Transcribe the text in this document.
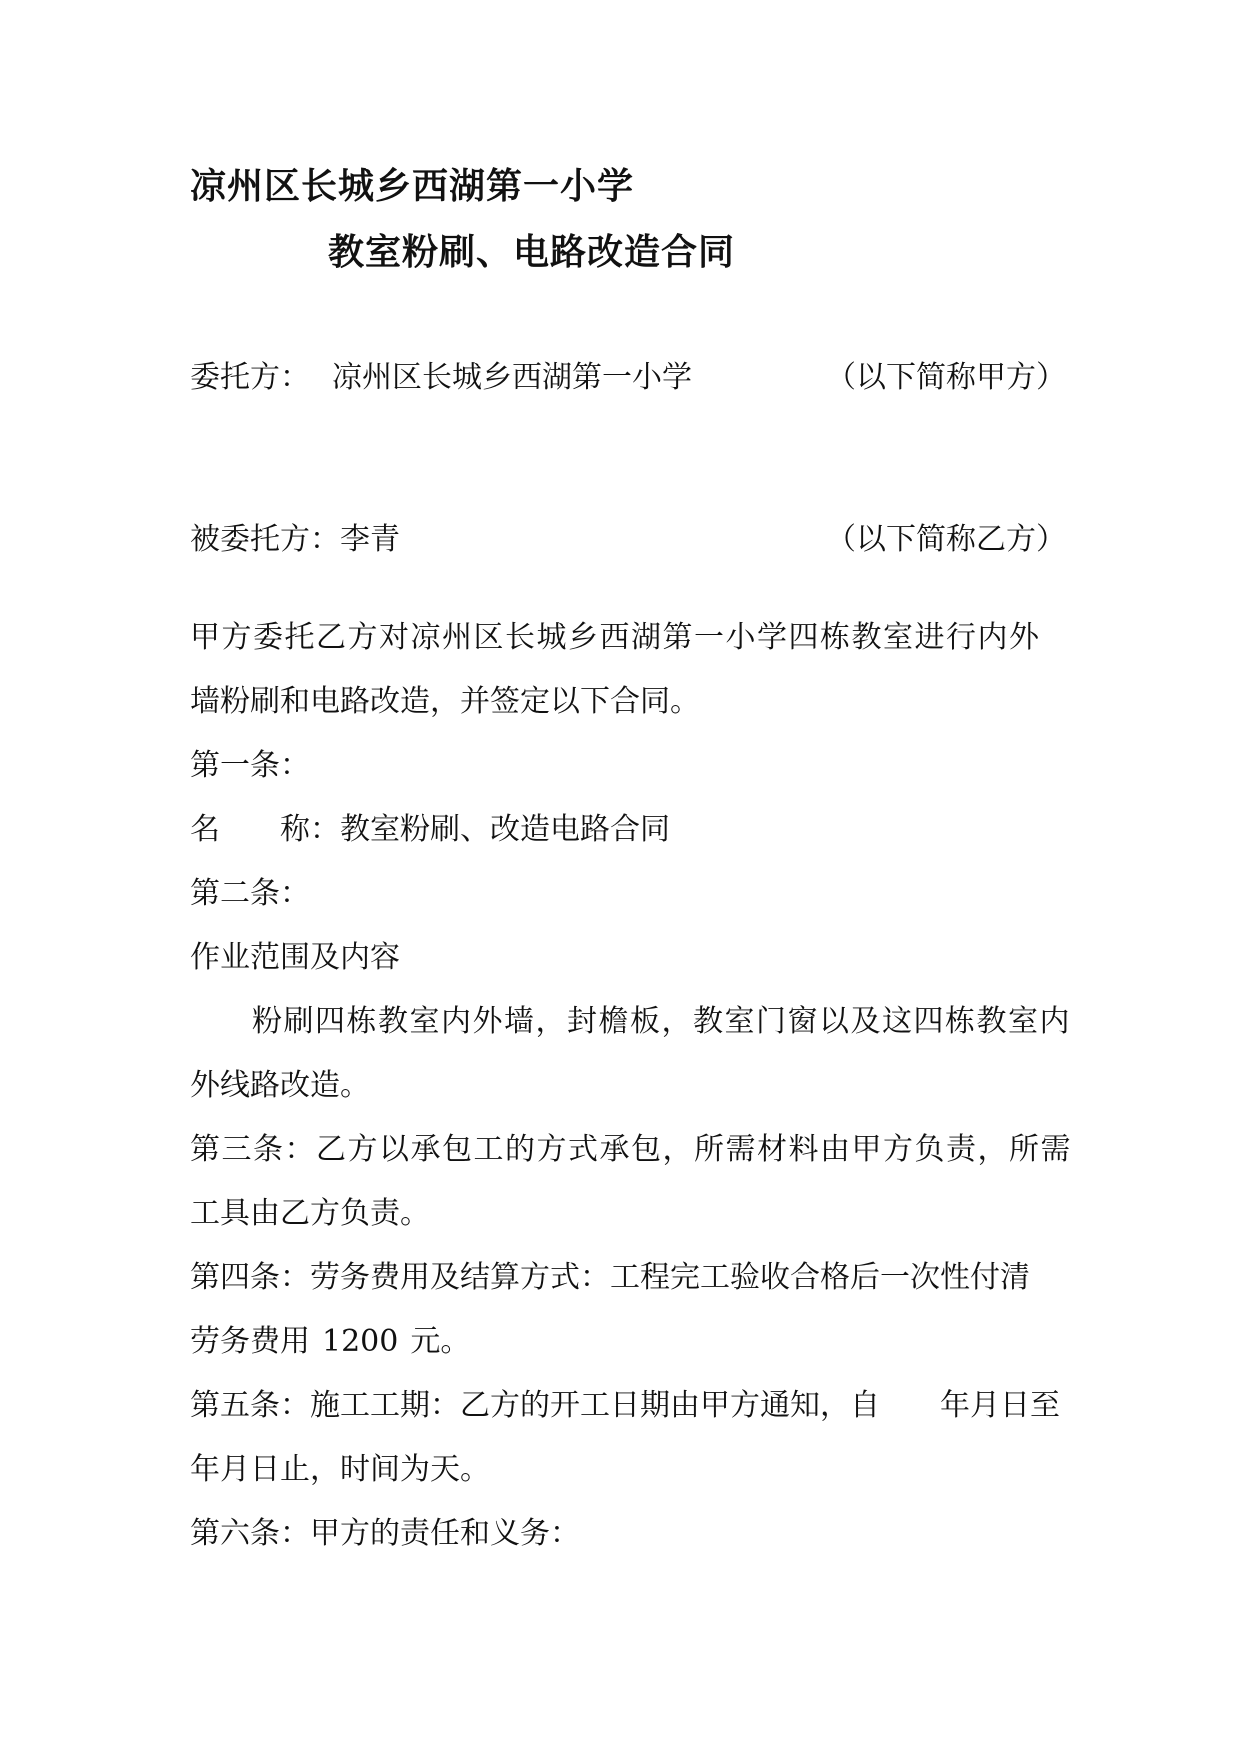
凉州区长城乡西湖第一小学
教室粉刷、电路改造合同
委托方： 凉州区长城乡西湖第一小学	（以下简称甲方）
被委托方：李青	（以下简称乙方）
甲方委托乙方对凉州区长城乡西湖第一小学四栋教室进行内外
墙粉刷和电路改造，并签定以下合同。
第一条：
名 称：教室粉刷、改造电路合同
第二条：
作业范围及内容
粉刷四栋教室内外墙，封檐板，教室门窗以及这四栋教室内
外线路改造。
第三条：乙方以承包工的方式承包，所需材料由甲方负责，所需
工具由乙方负责。
第四条：劳务费用及结算方式：工程完工验收合格后一次性付清
劳务费用 1200 元。
第五条：施工工期：乙方的开工日期由甲方通知，自 年月日至
年月日止，时间为天。
第六条：甲方的责任和义务：
